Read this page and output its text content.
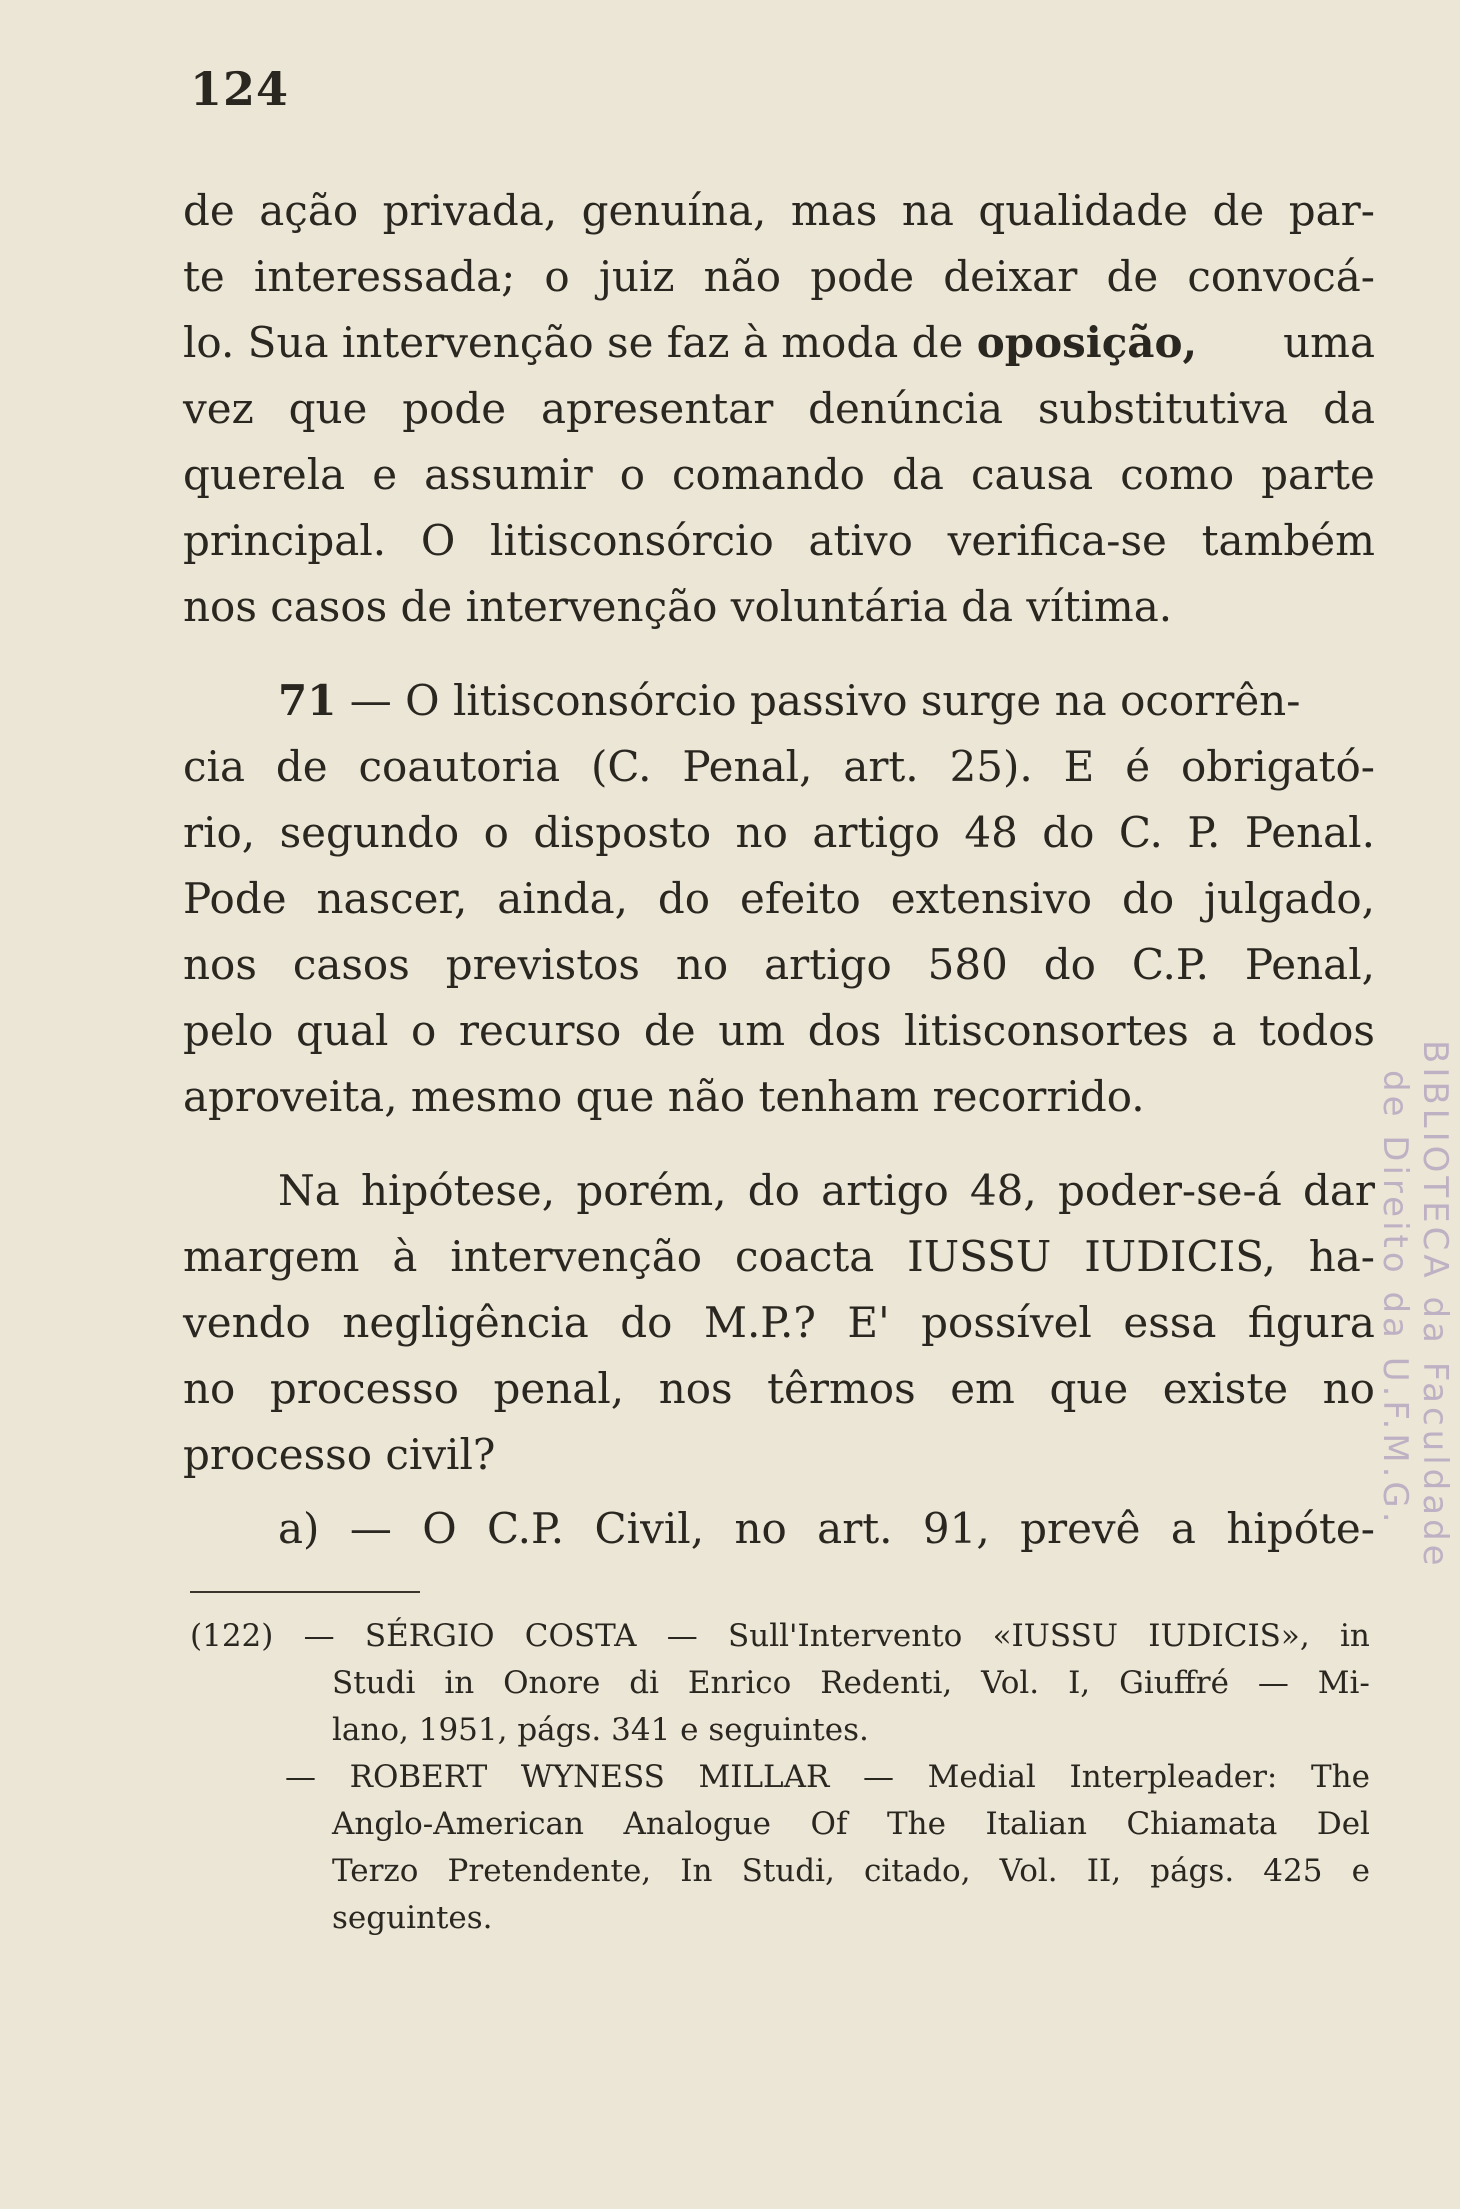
124
de ação privada, genuína, mas na qualidade de par-
te interessada; o juiz não pode deixar de convocá-
lo. Sua intervenção se faz à moda de oposição, uma
vez que pode apresentar denúncia substitutiva da
querela e assumir o comando da causa como parte
principal. O litisconsórcio ativo verifica-se também
nos casos de intervenção voluntária da vítima.
71 — O litisconsórcio passivo surge na ocorrên-
cia de coautoria (C. Penal, art. 25). E é obrigató-
rio, segundo o disposto no artigo 48 do C. P. Penal.
Pode nascer, ainda, do efeito extensivo do julgado,
nos casos previstos no artigo 580 do C.P. Penal,
pelo qual o recurso de um dos litisconsortes a todos
aproveita, mesmo que não tenham recorrido.
Na hipótese, porém, do artigo 48, poder-se-á dar
margem à intervenção coacta IUSSU IUDICIS, ha-
vendo negligência do M.P.? E' possível essa figura
no processo penal, nos têrmos em que existe no
processo civil?
a) — O C.P. Civil, no art. 91, prevê a hipóte-
(122) — SÉRGIO COSTA — Sull'Intervento «IUSSU IUDICIS», in
Studi in Onore di Enrico Redenti, Vol. I, Giuffré — Mi-
lano, 1951, págs. 341 e seguintes.
— ROBERT WYNESS MILLAR — Medial Interpleader: The
Anglo-American Analogue Of The Italian Chiamata Del
Terzo Pretendente, In Studi, citado, Vol. II, págs. 425 e
seguintes.
BIBLIOTECA da Faculdade
de Direito da U.F.M.G.
